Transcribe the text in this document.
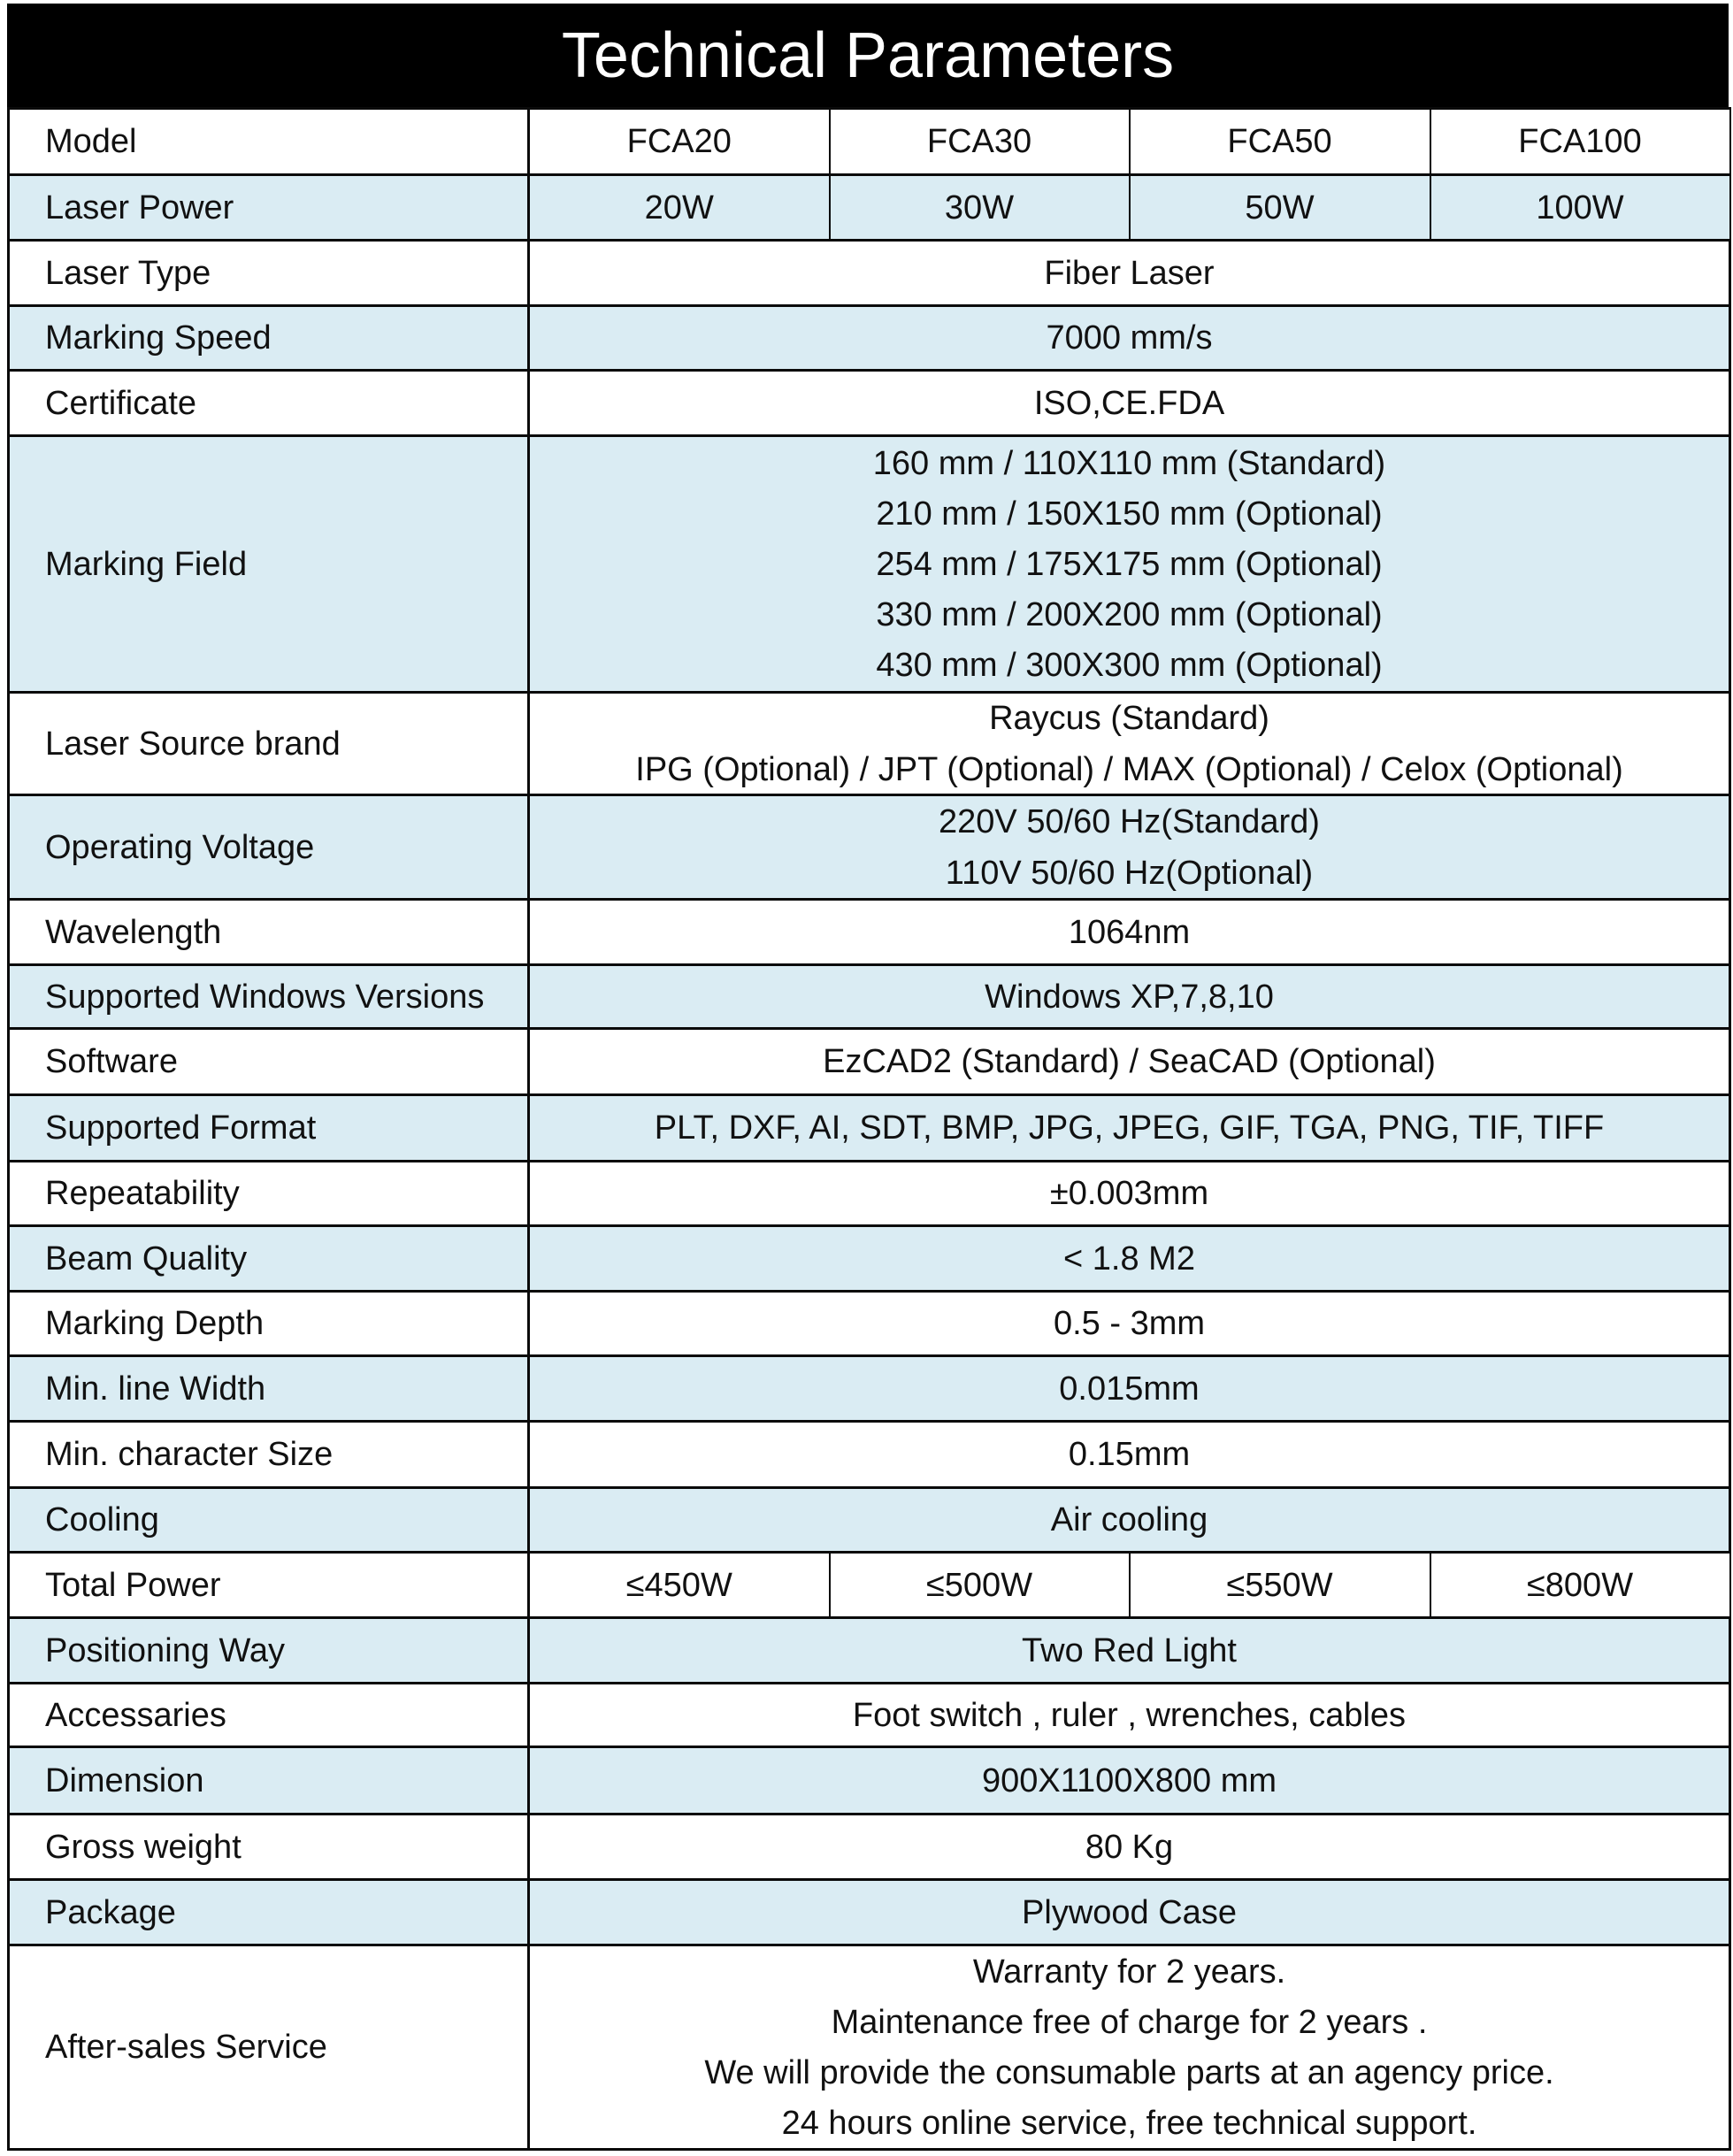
Technical Parameters
Model	FCA20	FCA30	FCA50	FCA100
Laser Power	20W	30W	50W	100W
Laser Type	Fiber Laser			

Marking Speed	7000 mm/s			

Certificate	ISO,CE.FDA			

Marking Field	160 mm / 110X110 mm (Standard)
210 mm / 150X150 mm (Optional)
254 mm / 175X175 mm (Optional)
330 mm / 200X200 mm (Optional)
430 mm / 300X300 mm (Optional)			

Laser Source brand	Raycus (Standard)
IPG (Optional) / JPT (Optional) / MAX (Optional) / Celox (Optional)			

Operating Voltage	220V 50/60 Hz(Standard)
110V 50/60 Hz(Optional)			

Wavelength	1064nm			

Supported Windows Versions	Windows XP,7,8,10			

Software	EzCAD2 (Standard) / SeaCAD (Optional)			

Supported Format	PLT, DXF, AI, SDT, BMP, JPG, JPEG, GIF, TGA, PNG, TIF, TIFF			

Repeatability	±0.003mm			

Beam Quality	< 1.8 M2			

Marking Depth	0.5 - 3mm			

Min. line Width	0.015mm			

Min. character Size	0.15mm			

Cooling	Air cooling			

Total Power	≤450W	≤500W	≤550W	≤800W
Positioning Way	Two Red Light			

Accessaries	Foot switch , ruler , wrenches, cables			

Dimension	900X1100X800 mm			

Gross weight	80 Kg			

Package	Plywood Case			

After-sales Service	Warranty for 2 years.
Maintenance free of charge for 2 years .
We will provide the consumable parts at an agency price.
24 hours online service, free technical support.			
